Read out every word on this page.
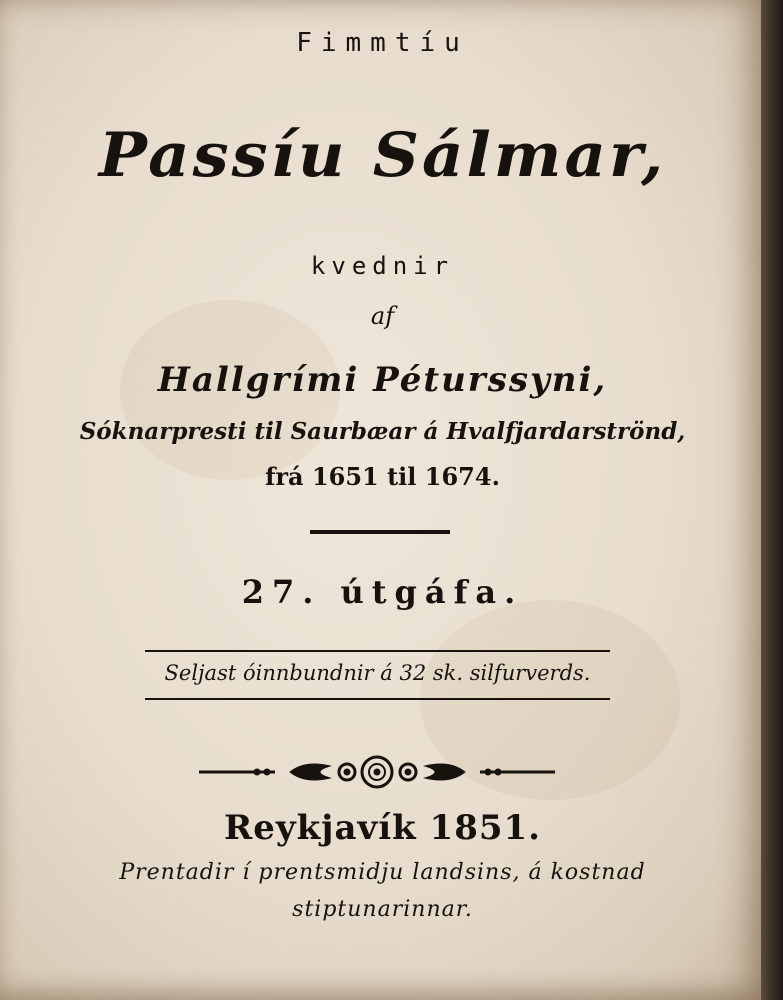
Fimmtíu
Passíu Sálmar,
kvednir
af
Hallgrími Péturssyni,
Sóknarpresti til Saurbæar á Hvalfjardarströnd,
frá 1651 til 1674.
27. útgáfa.
Seljast óinnbundnir á 32 sk. silfurverds.
Reykjavík 1851.
Prentadir í prentsmidju landsins, á kostnad
stiptunarinnar.
